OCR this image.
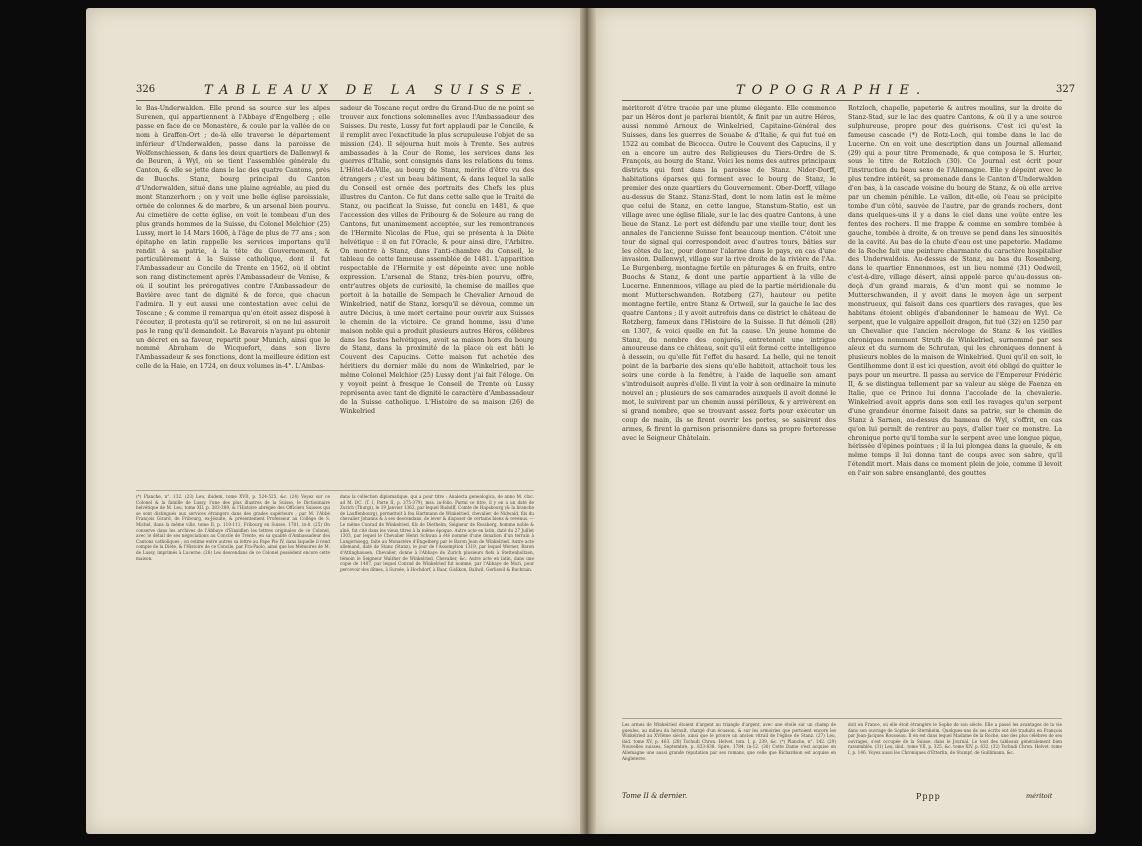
326	TABLEAUX DE LA SUISSE.

le Bas-Underwalden. Elle prend sa source sur les alpes Surenen, qui appartiennent à l'Abbaye d'Engelberg ; elle passe en face de ce Monastère, & coule par la vallée de ce nom à Graffen-Ort ; de-là elle traverse le département inférieur d'Underwalden, passe dans la paroisse de Wolfenschiessen, & dans les deux quartiers de Dallenwyl & de Beuren, à Wyl, où se tient l'assemblée générale du Canton, & elle se jette dans le lac des quatre Cantons, près de Buochs. Stanz, bourg principal du Canton d'Underwalden, situé dans une plaine agréable, au pied du mont Stanzerhorn ; on y voit une belle église paroissiale, ornée de colonnes & de marbre, & un arsenal bien pourvu. Au cimetière de cette église, on voit le tombeau d'un des plus grands hommes de la Suisse, du Colonel Melchior (25) Lussy, mort le 14 Mars 1606, à l'âge de plus de 77 ans ; son épitaphe en latin rappelle les services importans qu'il rendit à sa patrie, à la tête du Gouvernement, & particulièrement à la Suisse catholique, dont il fut l'Ambassadeur au Concile de Trente en 1562, où il obtint son rang distinctement après l'Ambassadeur de Venise, & où il soutint les prérogatives contre l'Ambassadeur de Bavière avec tant de dignité & de force, que chacun l'admira. Il y eut aussi une contestation avec celui de Toscane ; & comme il remarqua qu'on étoit assez disposé à l'écouter, il protesta qu'il se retireroit, si on ne lui assuroit pas le rang qu'il demandoit. Le Bavarois n'ayant pu obtenir un décret en sa faveur, repartit pour Munich, ainsi que le nommé Abraham de Wicquefort, dans son livre l'Ambassadeur & ses fonctions, dont la meilleure édition est celle de la Haie, en 1724, en deux volumes in-4°. L'Ambas-

sadeur de Toscane reçut ordre du Grand-Duc de ne point se trouver aux fonctions solemnelles avec l'Ambassadeur des Suisses. Du reste, Lussy fut fort applaudi par le Concile, & il remplit avec l'exactitude la plus scrupuleuse l'objet de sa mission (24). Il séjourna huit mois à Trente. Ses autres ambassades à la Cour de Rome, les services dans les guerres d'Italie, sont consignés dans les relations du tems. L'Hôtel-de-Ville, au bourg de Stanz, mérite d'être vu des étrangers ; c'est un beau bâtiment, & dans lequel la salle du Conseil est ornée des portraits des Chefs les plus illustres du Canton. Ce fut dans cette salle que le Traité de Stanz, ou pacificat la Suisse, fut conclu en 1481, & que l'accession des villes de Fribourg & de Soleure au rang de Cantons, fut unanimement acceptée, sur les remontrances de l'Hermite Nicolas de Flue, qui se présenta à la Diète helvétique : il en fut l'Oracle, & pour ainsi dire, l'Arbitre. On montre à Stanz, dans l'anti-chambre du Conseil, le tableau de cette fameuse assemblée de 1481. L'apparition respectable de l'Hermite y est dépeinte avec une noble expression. L'arsenal de Stanz, très-bien pourvu, offre, entr'autres objets de curiosité, la chemise de mailles que portoit à la bataille de Sempach le Chevalier Arnoud de Winkelried, natif de Stanz, lorsqu'il se dévoua, comme un autre Décius, à une mort certaine pour ouvrir aux Suisses le chemin de la victoire. Ce grand homme, issu d'une maison noble qui a produit plusieurs autres Héros, célèbres dans les fastes helvétiques, avoit sa maison hors du bourg de Stanz, dans la proximité de la place où est bâti le Couvent des Capucins. Cette maison fut achetée des héritiers du dernier mâle du nom de Winkelried, par le même Colonel Melchior (25) Lussy dont j'ai fait l'éloge. On y voyoit peint à fresque le Conseil de Trente où Lussy représenta avec tant de dignité le caractère d'Ambassadeur de la Suisse catholique. L'Histoire de sa maison (26) de Winkelried

(*) Planche, n°. 132. (23) Leu, ibidem, tome XVII, p. 524-525, &c. (24) Voyez sur ce Colonel & la famille de Lussy, l'une des plus illustres de la Suisse, le Dictionnaire helvétique de M. Leu, tome XII, p. 383-389, & l'Histoire abrégée des Officiers Suisses qui se sont distingués aux services étrangers dans des grades supérieurs ; par M. l'Abbé François Girard, de Fribourg, ex-Jésuite, & présentement Professeur au Collège de S. Michel, dans la même ville, tome II, p. 110-111, Fribourg en Suisse, 1781, in-8. (25) On conserve dans les archives de l'Abbaye d'Einsidlen les lettres originales de ce Colonel, avec le détail de ses négociations au Concile de Trente, en sa qualité d'Ambassadeur des Cantons catholiques ; on estime entre autres sa lettre au Pape Pie IV, dans laquelle il rend compte de la Diète, & l'Histoire de ce Concile, par Fra-Paolo, ainsi que les Mémoires de M. de Lussy, imprimés à Lucerne. (26) Les descendans de ce Colonel possèdent encore cette maison.

dans la collection diplomatique, qui a pour titre : Analecta genealogica, de anno M. cIxc. ad M. DC. (T. I, Parte II, p. 375-379), mss. in-folio. Parmi ce titre, il y en a un daté de Zurich (Thurgi), le 19 Janvier 1362, par lequel Rudolff, Comte de Hapsbourg (& la branche de Lauffenbourg), permettoit à feu Hartmann de Winkelried, chevalier, de Nidwald, fils du chevalier Johanns & à ses descendans, de lever & disposer de certains biens & revenus. — Le même Conrad de Winkelried, fils de Diethelm, Seigneur de Rossberg, homme noble & aîné, fut cité dans les vieux titres à la même époque. Autre acte en latin, daté du 27 Juillet 1303, par lequel le Chevalier Henri Schwan a été nommé d'une donation d'un terrain à Lungernsegg, faite au Monastère d'Engelberg par le Baron Jean de Winkelried. Autre acte allemand, daté de Stanz (Stanz), le jour de l'Assomption 1319, par lequel Werner, Baron d'Attinghausen, Chevalier, donne à l'Abbaye de Zurich plusieurs fiefs à Stettenholtzen, témoin le Seigneur Walther de Winkelried, Chevalier, &c. Autre acte en latin, dans une copie de 1407, par lequel Conrad de Winkelried fut nommé, par l'Abbaye de Muri, pour percevoir des dîmes, à Sursée, à Hochdorf, à Baar, Gislikon, Ballwil, Gerliswil & Buchrain.

TOPOGRAPHIE.	327

méritoroit d'être tracée par une plume élégante. Elle commence par un Héros dont je parlerai bientôt, & finit par un autre Héros, aussi nommé Arnoux de Winkelried, Capitaine-Général des Suisses, dans les guerres de Souabe & d'Italie, & qui fut tué en 1522 au combat de Bicocca. Outre le Couvent des Capucins, il y en a encore un autre des Religieuses du Tiers-Ordre de S. François, au bourg de Stanz. Voici les noms des autres principaux districts qui font dans la paroisse de Stanz. Nider-Dorff, habitations éparses qui forment avec le bourg de Stanz, le premier des onze quartiers du Gouvernement. Ober-Dorff, village au-dessus de Stanz. Stanz-Stad, dont le nom latin est le même que celui de Stanz, en cette langue, Stanstum-Statio, est un village avec une église filiale, sur le lac des quatre Cantons, à une lieue de Stanz. Le port est défendu par une vieille tour, dont les annales de l'ancienne Suisse font beaucoup mention. C'étoit une tour de signal qui correspondoit avec d'autres tours, bâties sur les côtes du lac, pour donner l'alarme dans le pays, en cas d'une invasion. Dallenwyl, village sur la rive droite de la rivière de l'Aa. Le Burgenberg, montagne fertile en pâturages & en fruits, entre Buochs & Stanz, & dont une partie appartient à la ville de Lucerne. Ennenmoos, village au pied de la partie méridionale du mont Mutterschwanden. Rotzberg (27), hauteur ou petite montagne fertile, entre Stanz & Ortweil, sur la gauche le lac des quatre Cantons ; il y avoit autrefois dans ce district le château de Rotzberg, fameux dans l'Histoire de la Suisse. Il fut démoli (28) en 1307, & voici quelle en fut la cause. Un jeune homme de Stanz, du nombre des conjurés, entretenoit une intrigue amoureuse dans ce château, soit qu'il eût formé cette intelligence à dessein, ou qu'elle fût l'effet du hasard. La belle, qui ne tenoit point de la barbarie des siens qu'elle habitoit, attachoit tous les soirs une corde à la fenêtre, à l'aide de laquelle son amant s'introduisoit auprès d'elle. Il vint la voir à son ordinaire la minute nouvel an ; plusieurs de ses camarades auxquels il avoit donné le mot, le suivirent par un chemin aussi périlleux, & y arrivèrent en si grand nombre, que se trouvant assez forts pour exécuter un coup de main, ils se firent ouvrir les portes, se saisirent des armes, & firent la garnison prisonnière dans sa propre forteresse avec le Seigneur Châtelain.

Rotzloch, chapelle, papeterie & autres moulins, sur la droite de Stanz-Stad, sur le lac des quatre Cantons, & où il y a une source sulphureuse, propre pour des guérisons. C'est ici qu'est la fameuse cascade (*) de Rotz-Loch, qui tombe dans le lac de Lucerne. On en voit une description dans un Journal allemand (29) qui a pour titre Promenade, & que composa le S. Hurter, sous le titre de Rotzloch (30). Ce Journal est écrit pour l'instruction du beau sexe de l'Allemagne. Elle y dépeint avec le plus tendre intérêt, sa promenade dans le Canton d'Underwalden d'en bas, à la cascade voisine du bourg de Stanz, & où elle arrive par un chemin pénible. Le vallon, dit-elle, où l'eau se précipite tombe d'un côté, sauvée de l'autre, par de grands rochers, dont dans quelques-uns il y a dans le ciel dans une voûte entre les fentes des rochers. Il me frappe & comme en sombre tombée à gauche, tombée à droite, & on trouve se pend dans les sinuosités de la cavité. Au bas de la chute d'eau est une papeterie. Madame de la Roche fait une peinture charmante du caractère hospitalier des Underwaldois. Au-dessus de Stanz, au bas du Rosenberg, dans le quartier Ennenmoos, est un lieu nommé (31) Oedweil, c'est-à-dire, village désert, ainsi appelé parce qu'au-dessus on-deçà d'un grand marais, & d'un mont qui se nomme le Mutterschwanden, il y avoit dans le moyen âge un serpent monstrueux, qui faisoit dans ces quartiers des ravages, que les habitans étoient obligés d'abandonner le hameau de Wyl. Ce serpent, que le vulgaire appelloit dragon, fut tué (32) en 1250 par un Chevalier que l'ancien nécrologe de Stanz & les vieilles chroniques nomment Struth de Winkelried, surnommé par ses aïeux et du surnom de Schrutan, qui les chroniques donnent à plusieurs nobles de la maison de Winkelried. Quoi qu'il en soit, le Gentilhomme dont il est ici question, avoit été obligé de quitter le pays pour un meurtre. Il passa au service de l'Empereur Frédéric II, & se distingua tellement par sa valeur au siège de Faenza en Italie, que ce Prince lui donna l'accolade de la chevalerie. Winkelried avoit appris dans son exil les ravages qu'un serpent d'une grandeur énorme faisoit dans sa patrie, sur le chemin de Stanz à Sarnen, au-dessus du hameau de Wyl, s'offrit, en cas qu'on lui permît de rentrer au pays, d'aller tuer ce monstre. La chronique porte qu'il tomba sur le serpent avec une longue pique, hérissée d'épines pointues ; il la lui plongea dans la gueule, & en même temps il lui donna tant de coups avec son sabre, qu'il l'étendit mort. Mais dans ce moment plein de joie, comme il levoit en l'air son sabre ensanglanté, des gouttes

Les armes de Winkelried étoient d'argent au triangle d'argent, avec une étoile sur un champ de gueules, au milieu du hérault, chargé d'un écusson, & sur les armoiries que portoient encore les Winkelried au XVIème siècle, ainsi que le prouve un ancien vitrail de l'église de Stanz. (27) Leu, ibid. tome XV, p. 463. (28) Tschudi Chron. Helvet. tom. I, p. 239, &c. (*) Planche, n°. 142. (29) Nouvelles suisses, Septembre, p. 823-838. Spire, 1784, in-12. (30) Cette Dame s'est acquise en Allemagne une aussi grande réputation par ses romans, que celle que Richardson est acquise en Angleterre.

doit en France, où elle étoit étrangère le Sophe de son siècle. Elle a passé les avantages de la vie dans son ouvrage de Sophie de Sternheim. Quelques-uns de ses écrits ont été traduits en François par Jean-Jacques Rousseau. Il en est dans lequel Madame de la Roche, une des plus célèbres de ses ouvrages, s'est occupée de la Suisse, dans le Journal. Le tout des tableaux généralement bien rassemblés. (31) Leu, ibid., tome VII, p. 325, &c. tome XIV, p. 632. (32) Tschudi Chron. Helvet. tome I, p. 146. Voyez aussi les Chroniques d'Etterlin, de Stumpf, de Guillimann, &c.

Tome II & dernier.	Pppp	méritoit
